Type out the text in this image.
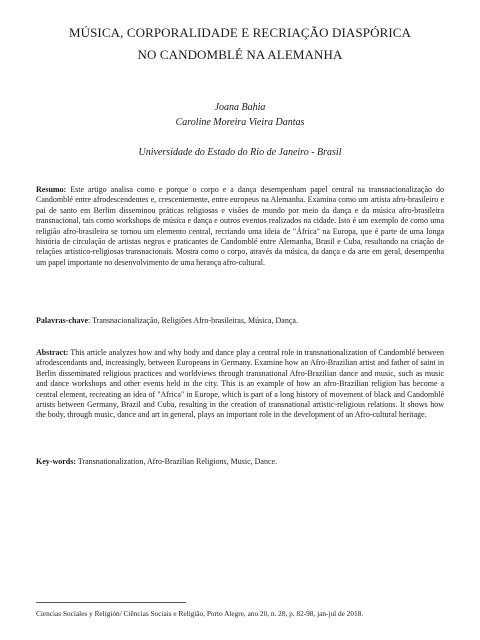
MÚSICA, CORPORALIDADE E RECRIAÇÃO DIASPÓRICA
NO CANDOMBLÉ NA ALEMANHA
Joana Bahia
Caroline Moreira Vieira Dantas
Universidade do Estado do Rio de Janeiro - Brasil

Resumo: Este artigo analisa como e porque o corpo e a dança desempenham papel central na transnacionalização do Candomblé entre afrodescendentes e, crescentemente, entre europeus na Alemanha. Examina como um artista afro-brasileiro e pai de santo em Berlim disseminou práticas religiosas e visões de mundo por meio da dança e da música afro-brasileira transnacional, tais como workshops de música e dança e outros eventos realizados na cidade. Isto é um exemplo de como uma religião afro-brasileira se tornou um elemento central, recriando uma ideia de "África" na Europa, que é parte de uma longa história de circulação de artistas negros e praticantes de Candomblé entre Alemanha, Brasil e Cuba, resultando na criação de relações artístico-religiosas transnacionais. Mostra como o corpo, através da música, da dança e da arte em geral, desempenha um papel importante no desenvolvimento de uma herança afro-cultural.

Palavras-chave: Transnacionalização, Religiões Afro-brasileiras, Música, Dança.

Abstract: This article analyzes how and why body and dance play a central role in transnationalization of Candomblé between afrodescendants and, increasingly, between Europeans in Germany. Examine how an Afro-Brazilian artist and father of saint in Berlin disseminated religious practices and worldviews through transnational Afro-Brazilian dance and music, such as music and dance workshops and other events held in the city. This is an example of how an afro-Brazilian religion has become a central element, recreating an idea of "Africa" in Europe, which is part of a long history of movement of black and Candomblé artists between Germany, Brazil and Cuba, resulting in the creation of transnational artistic-religious relations. It shows how the body, through music, dance and art in general, plays an important role in the development of an Afro-cultural heritage.

Key-words: Transnationalization, Afro-Brazilian Religions, Music, Dance.

Ciencias Sociales y Religión/ Ciências Sociais e Religião, Porto Alegre, ano 20, n. 28, p. 82-98, jan-jul de 2018.
